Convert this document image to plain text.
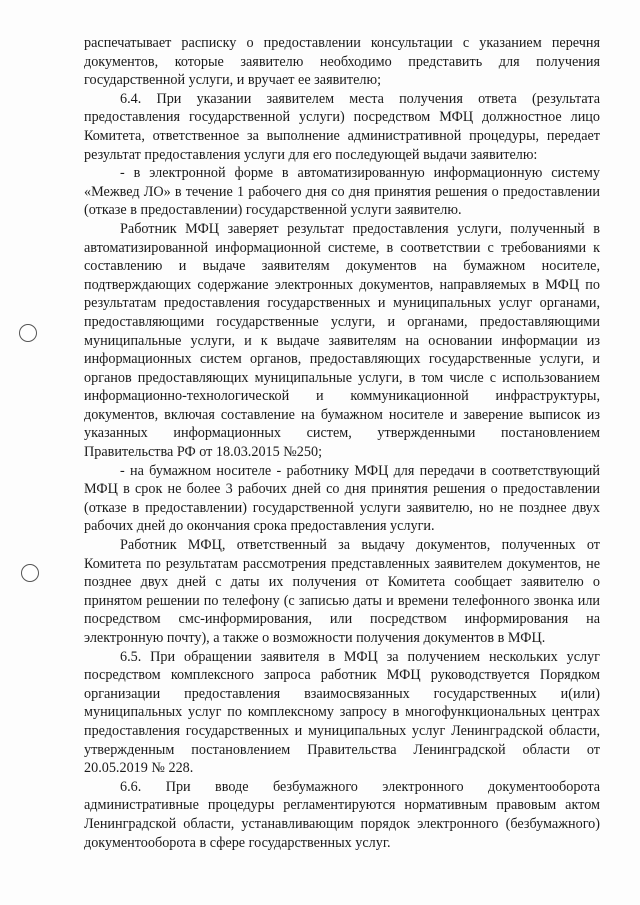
распечатывает расписку о предоставлении консультации с указанием перечня документов, которые заявителю необходимо представить для получения государственной услуги, и вручает ее заявителю;

6.4. При указании заявителем места получения ответа (результата предоставления государственной услуги) посредством МФЦ должностное лицо Комитета, ответственное за выполнение административной процедуры, передает результат предоставления услуги для его последующей выдачи заявителю:

- в электронной форме в автоматизированную информационную систему «Межвед ЛО» в течение 1 рабочего дня со дня принятия решения о предоставлении (отказе в предоставлении) государственной услуги заявителю.

Работник МФЦ заверяет результат предоставления услуги, полученный в автоматизированной информационной системе, в соответствии с требованиями к составлению и выдаче заявителям документов на бумажном носителе, подтверждающих содержание электронных документов, направляемых в МФЦ по результатам предоставления государственных и муниципальных услуг органами, предоставляющими государственные услуги, и органами, предоставляющими муниципальные услуги, и к выдаче заявителям на основании информации из информационных систем органов, предоставляющих государственные услуги, и органов предоставляющих муниципальные услуги, в том числе с использованием информационно-технологической и коммуникационной инфраструктуры, документов, включая составление на бумажном носителе и заверение выписок из указанных информационных систем, утвержденными постановлением Правительства РФ от 18.03.2015 №250;

- на бумажном носителе - работнику МФЦ для передачи в соответствующий МФЦ в срок не более 3 рабочих дней со дня принятия решения о предоставлении (отказе в предоставлении) государственной услуги заявителю, но не позднее двух рабочих дней до окончания срока предоставления услуги.

Работник МФЦ, ответственный за выдачу документов, полученных от Комитета по результатам рассмотрения представленных заявителем документов, не позднее двух дней с даты их получения от Комитета сообщает заявителю о принятом решении по телефону (с записью даты и времени телефонного звонка или посредством смс-информирования, или посредством информирования на электронную почту), а также о возможности получения документов в МФЦ.

6.5. При обращении заявителя в МФЦ за получением нескольких услуг посредством комплексного запроса работник МФЦ руководствуется Порядком организации предоставления взаимосвязанных государственных и(или) муниципальных услуг по комплексному запросу в многофункциональных центрах предоставления государственных и муниципальных услуг Ленинградской области, утвержденным постановлением Правительства Ленинградской области от 20.05.2019 № 228.

6.6. При вводе безбумажного электронного документооборота административные процедуры регламентируются нормативным правовым актом Ленинградской области, устанавливающим порядок электронного (безбумажного) документооборота в сфере государственных услуг.
